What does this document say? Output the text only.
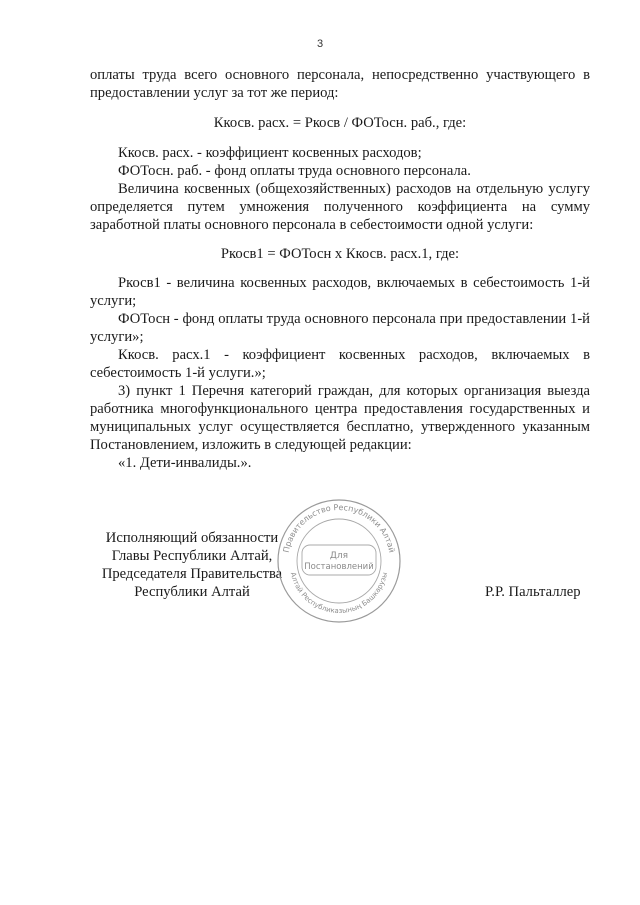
3

оплаты труда всего основного персонала, непосредственно участвующего в предоставлении услуг за тот же период:

Ккосв. расх. = Ркосв / ФОТосн. раб., где:

Ккосв. расх. - коэффициент косвенных расходов;

ФОТосн. раб. - фонд оплаты труда основного персонала.

Величина косвенных (общехозяйственных) расходов на отдельную услугу определяется путем умножения полученного коэффициента на сумму заработной платы основного персонала в себестоимости одной услуги:

Ркосв1 = ФОТосн х Ккосв. расх.1, где:

Ркосв1 - величина косвенных расходов, включаемых в себестоимость 1-й услуги;

ФОТосн - фонд оплаты труда основного персонала при предоставлении 1-й услуги»;

Ккосв. расх.1 - коэффициент косвенных расходов, включаемых в себестоимость 1-й услуги.»;

3) пункт 1 Перечня категорий граждан, для которых организация выезда работника многофункционального центра предоставления государственных и муниципальных услуг осуществляется бесплатно, утвержденного указанным Постановлением, изложить в следующей редакции:

«1. Дети-инвалиды.».

Исполняющий обязанности
Главы Республики Алтай,
Председателя Правительства
Республики Алтай
Правительство Республики Алтай
Алтай Республиказының Башкарузы
Для
Постановлений
Р.Р. Пальталлер
